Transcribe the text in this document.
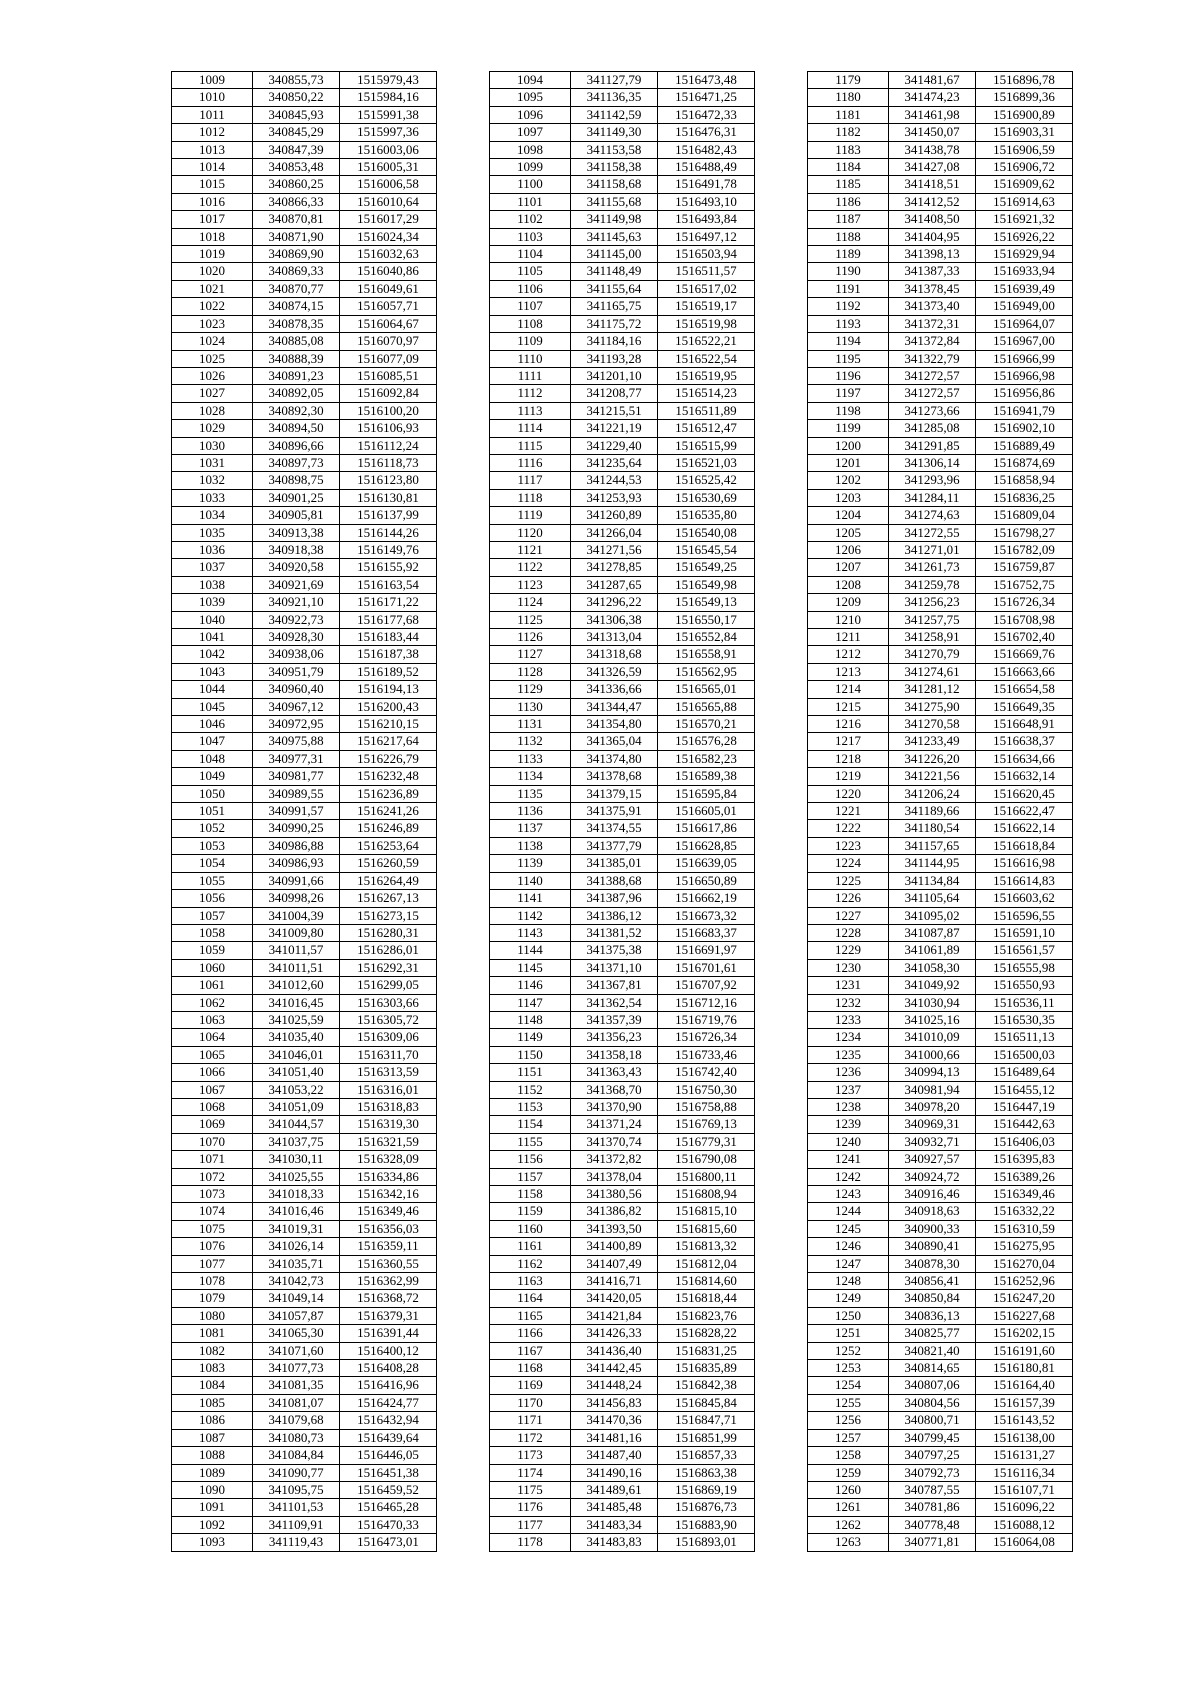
1009	340855,73	1515979,43
1010	340850,22	1515984,16
1011	340845,93	1515991,38
1012	340845,29	1515997,36
1013	340847,39	1516003,06
1014	340853,48	1516005,31
1015	340860,25	1516006,58
1016	340866,33	1516010,64
1017	340870,81	1516017,29
1018	340871,90	1516024,34
1019	340869,90	1516032,63
1020	340869,33	1516040,86
1021	340870,77	1516049,61
1022	340874,15	1516057,71
1023	340878,35	1516064,67
1024	340885,08	1516070,97
1025	340888,39	1516077,09
1026	340891,23	1516085,51
1027	340892,05	1516092,84
1028	340892,30	1516100,20
1029	340894,50	1516106,93
1030	340896,66	1516112,24
1031	340897,73	1516118,73
1032	340898,75	1516123,80
1033	340901,25	1516130,81
1034	340905,81	1516137,99
1035	340913,38	1516144,26
1036	340918,38	1516149,76
1037	340920,58	1516155,92
1038	340921,69	1516163,54
1039	340921,10	1516171,22
1040	340922,73	1516177,68
1041	340928,30	1516183,44
1042	340938,06	1516187,38
1043	340951,79	1516189,52
1044	340960,40	1516194,13
1045	340967,12	1516200,43
1046	340972,95	1516210,15
1047	340975,88	1516217,64
1048	340977,31	1516226,79
1049	340981,77	1516232,48
1050	340989,55	1516236,89
1051	340991,57	1516241,26
1052	340990,25	1516246,89
1053	340986,88	1516253,64
1054	340986,93	1516260,59
1055	340991,66	1516264,49
1056	340998,26	1516267,13
1057	341004,39	1516273,15
1058	341009,80	1516280,31
1059	341011,57	1516286,01
1060	341011,51	1516292,31
1061	341012,60	1516299,05
1062	341016,45	1516303,66
1063	341025,59	1516305,72
1064	341035,40	1516309,06
1065	341046,01	1516311,70
1066	341051,40	1516313,59
1067	341053,22	1516316,01
1068	341051,09	1516318,83
1069	341044,57	1516319,30
1070	341037,75	1516321,59
1071	341030,11	1516328,09
1072	341025,55	1516334,86
1073	341018,33	1516342,16
1074	341016,46	1516349,46
1075	341019,31	1516356,03
1076	341026,14	1516359,11
1077	341035,71	1516360,55
1078	341042,73	1516362,99
1079	341049,14	1516368,72
1080	341057,87	1516379,31
1081	341065,30	1516391,44
1082	341071,60	1516400,12
1083	341077,73	1516408,28
1084	341081,35	1516416,96
1085	341081,07	1516424,77
1086	341079,68	1516432,94
1087	341080,73	1516439,64
1088	341084,84	1516446,05
1089	341090,77	1516451,38
1090	341095,75	1516459,52
1091	341101,53	1516465,28
1092	341109,91	1516470,33
1093	341119,43	1516473,01
1094	341127,79	1516473,48
1095	341136,35	1516471,25
1096	341142,59	1516472,33
1097	341149,30	1516476,31
1098	341153,58	1516482,43
1099	341158,38	1516488,49
1100	341158,68	1516491,78
1101	341155,68	1516493,10
1102	341149,98	1516493,84
1103	341145,63	1516497,12
1104	341145,00	1516503,94
1105	341148,49	1516511,57
1106	341155,64	1516517,02
1107	341165,75	1516519,17
1108	341175,72	1516519,98
1109	341184,16	1516522,21
1110	341193,28	1516522,54
1111	341201,10	1516519,95
1112	341208,77	1516514,23
1113	341215,51	1516511,89
1114	341221,19	1516512,47
1115	341229,40	1516515,99
1116	341235,64	1516521,03
1117	341244,53	1516525,42
1118	341253,93	1516530,69
1119	341260,89	1516535,80
1120	341266,04	1516540,08
1121	341271,56	1516545,54
1122	341278,85	1516549,25
1123	341287,65	1516549,98
1124	341296,22	1516549,13
1125	341306,38	1516550,17
1126	341313,04	1516552,84
1127	341318,68	1516558,91
1128	341326,59	1516562,95
1129	341336,66	1516565,01
1130	341344,47	1516565,88
1131	341354,80	1516570,21
1132	341365,04	1516576,28
1133	341374,80	1516582,23
1134	341378,68	1516589,38
1135	341379,15	1516595,84
1136	341375,91	1516605,01
1137	341374,55	1516617,86
1138	341377,79	1516628,85
1139	341385,01	1516639,05
1140	341388,68	1516650,89
1141	341387,96	1516662,19
1142	341386,12	1516673,32
1143	341381,52	1516683,37
1144	341375,38	1516691,97
1145	341371,10	1516701,61
1146	341367,81	1516707,92
1147	341362,54	1516712,16
1148	341357,39	1516719,76
1149	341356,23	1516726,34
1150	341358,18	1516733,46
1151	341363,43	1516742,40
1152	341368,70	1516750,30
1153	341370,90	1516758,88
1154	341371,24	1516769,13
1155	341370,74	1516779,31
1156	341372,82	1516790,08
1157	341378,04	1516800,11
1158	341380,56	1516808,94
1159	341386,82	1516815,10
1160	341393,50	1516815,60
1161	341400,89	1516813,32
1162	341407,49	1516812,04
1163	341416,71	1516814,60
1164	341420,05	1516818,44
1165	341421,84	1516823,76
1166	341426,33	1516828,22
1167	341436,40	1516831,25
1168	341442,45	1516835,89
1169	341448,24	1516842,38
1170	341456,83	1516845,84
1171	341470,36	1516847,71
1172	341481,16	1516851,99
1173	341487,40	1516857,33
1174	341490,16	1516863,38
1175	341489,61	1516869,19
1176	341485,48	1516876,73
1177	341483,34	1516883,90
1178	341483,83	1516893,01
1179	341481,67	1516896,78
1180	341474,23	1516899,36
1181	341461,98	1516900,89
1182	341450,07	1516903,31
1183	341438,78	1516906,59
1184	341427,08	1516906,72
1185	341418,51	1516909,62
1186	341412,52	1516914,63
1187	341408,50	1516921,32
1188	341404,95	1516926,22
1189	341398,13	1516929,94
1190	341387,33	1516933,94
1191	341378,45	1516939,49
1192	341373,40	1516949,00
1193	341372,31	1516964,07
1194	341372,84	1516967,00
1195	341322,79	1516966,99
1196	341272,57	1516966,98
1197	341272,57	1516956,86
1198	341273,66	1516941,79
1199	341285,08	1516902,10
1200	341291,85	1516889,49
1201	341306,14	1516874,69
1202	341293,96	1516858,94
1203	341284,11	1516836,25
1204	341274,63	1516809,04
1205	341272,55	1516798,27
1206	341271,01	1516782,09
1207	341261,73	1516759,87
1208	341259,78	1516752,75
1209	341256,23	1516726,34
1210	341257,75	1516708,98
1211	341258,91	1516702,40
1212	341270,79	1516669,76
1213	341274,61	1516663,66
1214	341281,12	1516654,58
1215	341275,90	1516649,35
1216	341270,58	1516648,91
1217	341233,49	1516638,37
1218	341226,20	1516634,66
1219	341221,56	1516632,14
1220	341206,24	1516620,45
1221	341189,66	1516622,47
1222	341180,54	1516622,14
1223	341157,65	1516618,84
1224	341144,95	1516616,98
1225	341134,84	1516614,83
1226	341105,64	1516603,62
1227	341095,02	1516596,55
1228	341087,87	1516591,10
1229	341061,89	1516561,57
1230	341058,30	1516555,98
1231	341049,92	1516550,93
1232	341030,94	1516536,11
1233	341025,16	1516530,35
1234	341010,09	1516511,13
1235	341000,66	1516500,03
1236	340994,13	1516489,64
1237	340981,94	1516455,12
1238	340978,20	1516447,19
1239	340969,31	1516442,63
1240	340932,71	1516406,03
1241	340927,57	1516395,83
1242	340924,72	1516389,26
1243	340916,46	1516349,46
1244	340918,63	1516332,22
1245	340900,33	1516310,59
1246	340890,41	1516275,95
1247	340878,30	1516270,04
1248	340856,41	1516252,96
1249	340850,84	1516247,20
1250	340836,13	1516227,68
1251	340825,77	1516202,15
1252	340821,40	1516191,60
1253	340814,65	1516180,81
1254	340807,06	1516164,40
1255	340804,56	1516157,39
1256	340800,71	1516143,52
1257	340799,45	1516138,00
1258	340797,25	1516131,27
1259	340792,73	1516116,34
1260	340787,55	1516107,71
1261	340781,86	1516096,22
1262	340778,48	1516088,12
1263	340771,81	1516064,08
